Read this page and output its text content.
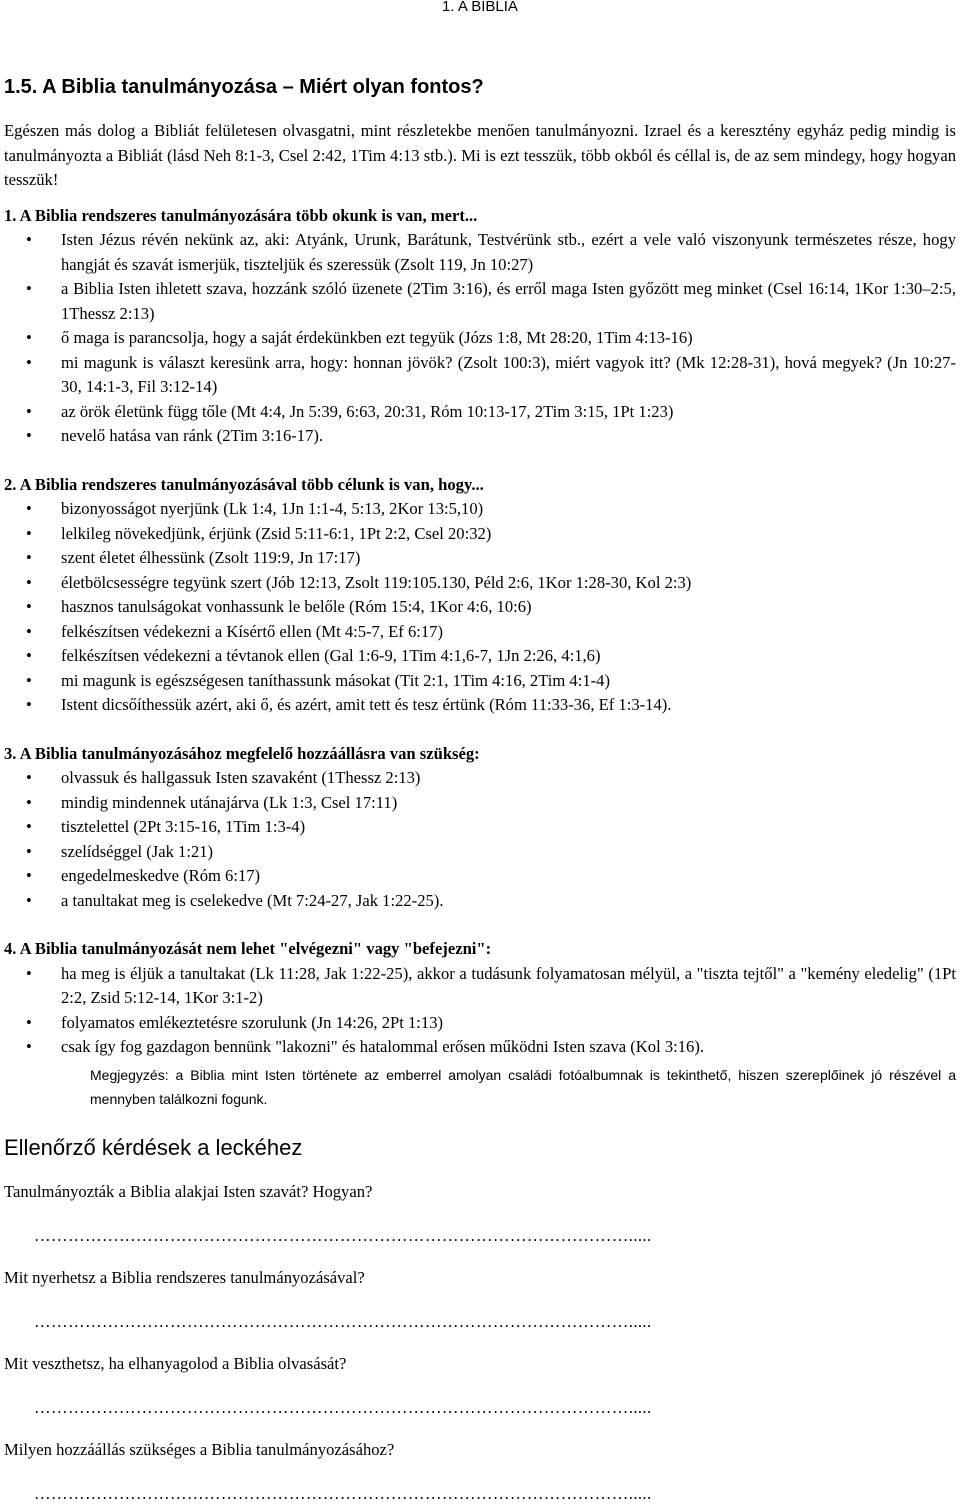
1. A BIBLIA
1.5. A Biblia tanulmányozása – Miért olyan fontos?

Egészen más dolog a Bibliát felületesen olvasgatni, mint részletekbe menően tanulmányozni. Izrael és a keresztény egyház pedig mindig is tanulmányozta a Bibliát (lásd Neh 8:1-3, Csel 2:42, 1Tim 4:13 stb.). Mi is ezt tesszük, több okból és céllal is, de az sem mindegy, hogy hogyan tesszük!

1. A Biblia rendszeres tanulmányozására több okunk is van, mert...

• Isten Jézus révén nekünk az, aki: Atyánk, Urunk, Barátunk, Testvérünk stb., ezért a vele való viszonyunk természetes része, hogy hangját és szavát ismerjük, tiszteljük és szeressük (Zsolt 119, Jn 10:27)
• a Biblia Isten ihletett szava, hozzánk szóló üzenete (2Tim 3:16), és erről maga Isten győzött meg minket (Csel 16:14, 1Kor 1:30–2:5, 1Thessz 2:13)
• ő maga is parancsolja, hogy a saját érdekünkben ezt tegyük (Józs 1:8, Mt 28:20, 1Tim 4:13-16)
• mi magunk is választ keresünk arra, hogy: honnan jövök? (Zsolt 100:3), miért vagyok itt? (Mk 12:28-31), hová megyek? (Jn 10:27-30, 14:1-3, Fil 3:12-14)
• az örök életünk függ tőle (Mt 4:4, Jn 5:39, 6:63, 20:31, Róm 10:13-17, 2Tim 3:15, 1Pt 1:23)
• nevelő hatása van ránk (2Tim 3:16-17).

2. A Biblia rendszeres tanulmányozásával több célunk is van, hogy...

• bizonyosságot nyerjünk (Lk 1:4, 1Jn 1:1-4, 5:13, 2Kor 13:5,10)
• lelkileg növekedjünk, érjünk (Zsid 5:11-6:1, 1Pt 2:2, Csel 20:32)
• szent életet élhessünk (Zsolt 119:9, Jn 17:17)
• életbölcsességre tegyünk szert (Jób 12:13, Zsolt 119:105.130, Péld 2:6, 1Kor 1:28-30, Kol 2:3)
• hasznos tanulságokat vonhassunk le belőle (Róm 15:4, 1Kor 4:6, 10:6)
• felkészítsen védekezni a Kísértő ellen (Mt 4:5-7, Ef 6:17)
• felkészítsen védekezni a tévtanok ellen (Gal 1:6-9, 1Tim 4:1,6-7, 1Jn 2:26, 4:1,6)
• mi magunk is egészségesen taníthassunk másokat (Tit 2:1, 1Tim 4:16, 2Tim 4:1-4)
• Istent dicsőíthessük azért, aki ő, és azért, amit tett és tesz értünk (Róm 11:33-36, Ef 1:3-14).

3. A Biblia tanulmányozásához megfelelő hozzáállásra van szükség:

• olvassuk és hallgassuk Isten szavaként (1Thessz 2:13)
• mindig mindennek utánajárva (Lk 1:3, Csel 17:11)
• tisztelettel (2Pt 3:15-16, 1Tim 1:3-4)
• szelídséggel (Jak 1:21)
• engedelmeskedve (Róm 6:17)
• a tanultakat meg is cselekedve (Mt 7:24-27, Jak 1:22-25).

4. A Biblia tanulmányozását nem lehet "elvégezni" vagy "befejezni":

• ha meg is éljük a tanultakat (Lk 11:28, Jak 1:22-25), akkor a tudásunk folyamatosan mélyül, a "tiszta tejtől" a "kemény eledelig" (1Pt 2:2, Zsid 5:12-14, 1Kor 3:1-2)
• folyamatos emlékeztetésre szorulunk (Jn 14:26, 2Pt 1:13)
• csak így fog gazdagon bennünk "lakozni" és hatalommal erősen működni Isten szava (Kol 3:16).

Megjegyzés: a Biblia mint Isten története az emberrel amolyan családi fotóalbumnak is tekinthető, hiszen szereplőinek jó részével a mennyben találkozni fogunk.

Ellenőrző kérdések a leckéhez

Tanulmányozták a Biblia alakjai Isten szavát? Hogyan?

…………………………………………………………………………………………….....

Mit nyerhetsz a Biblia rendszeres tanulmányozásával?

…………………………………………………………………………………………….....

Mit veszthetsz, ha elhanyagolod a Biblia olvasását?

…………………………………………………………………………………………….....

Milyen hozzáállás szükséges a Biblia tanulmányozásához?

…………………………………………………………………………………………….....
